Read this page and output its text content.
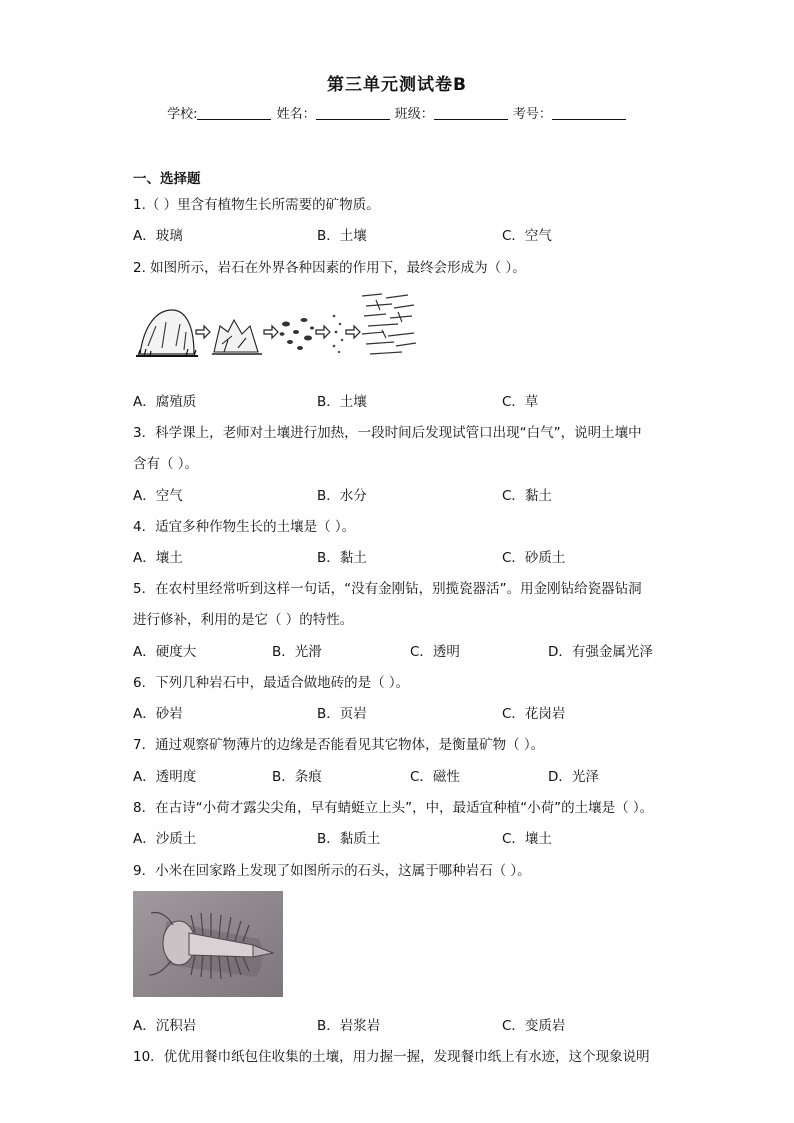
第三单元测试卷B
学校:	姓名：	班级：	考号：
一、选择题
1.（ ）里含有植物生长所需要的矿物质。
A．玻璃	B．土壤	C．空气
2. 如图所示，岩石在外界各种因素的作用下，最终会形成为（ ）。
A．腐殖质	B．土壤	C．草
3．科学课上，老师对土壤进行加热，一段时间后发现试管口出现“白气”，说明土壤中
含有（ ）。
A．空气	B．水分	C．黏土
4．适宜多种作物生长的土壤是（ ）。
A．壤土	B．黏土	C．砂质土
5．在农村里经常听到这样一句话，“没有金刚钻，别揽瓷器活”。用金刚钻给瓷器钻洞
进行修补，利用的是它（ ）的特性。
A．硬度大	B．光滑	C．透明	D．有强金属光泽
6．下列几种岩石中，最适合做地砖的是（ ）。
A．砂岩	B．页岩	C．花岗岩
7．通过观察矿物薄片的边缘是否能看见其它物体，是衡量矿物（ ）。
A．透明度	B．条痕	C．磁性	D．光泽
8．在古诗“小荷才露尖尖角，早有蜻蜓立上头”，中，最适宜种植“小荷”的土壤是（ ）。
A．沙质土	B．黏质土	C．壤土
9．小米在回家路上发现了如图所示的石头，这属于哪种岩石（ ）。
A．沉积岩	B．岩浆岩	C．变质岩
10．优优用餐巾纸包住收集的土壤，用力握一握，发现餐巾纸上有水迹，这个现象说明
